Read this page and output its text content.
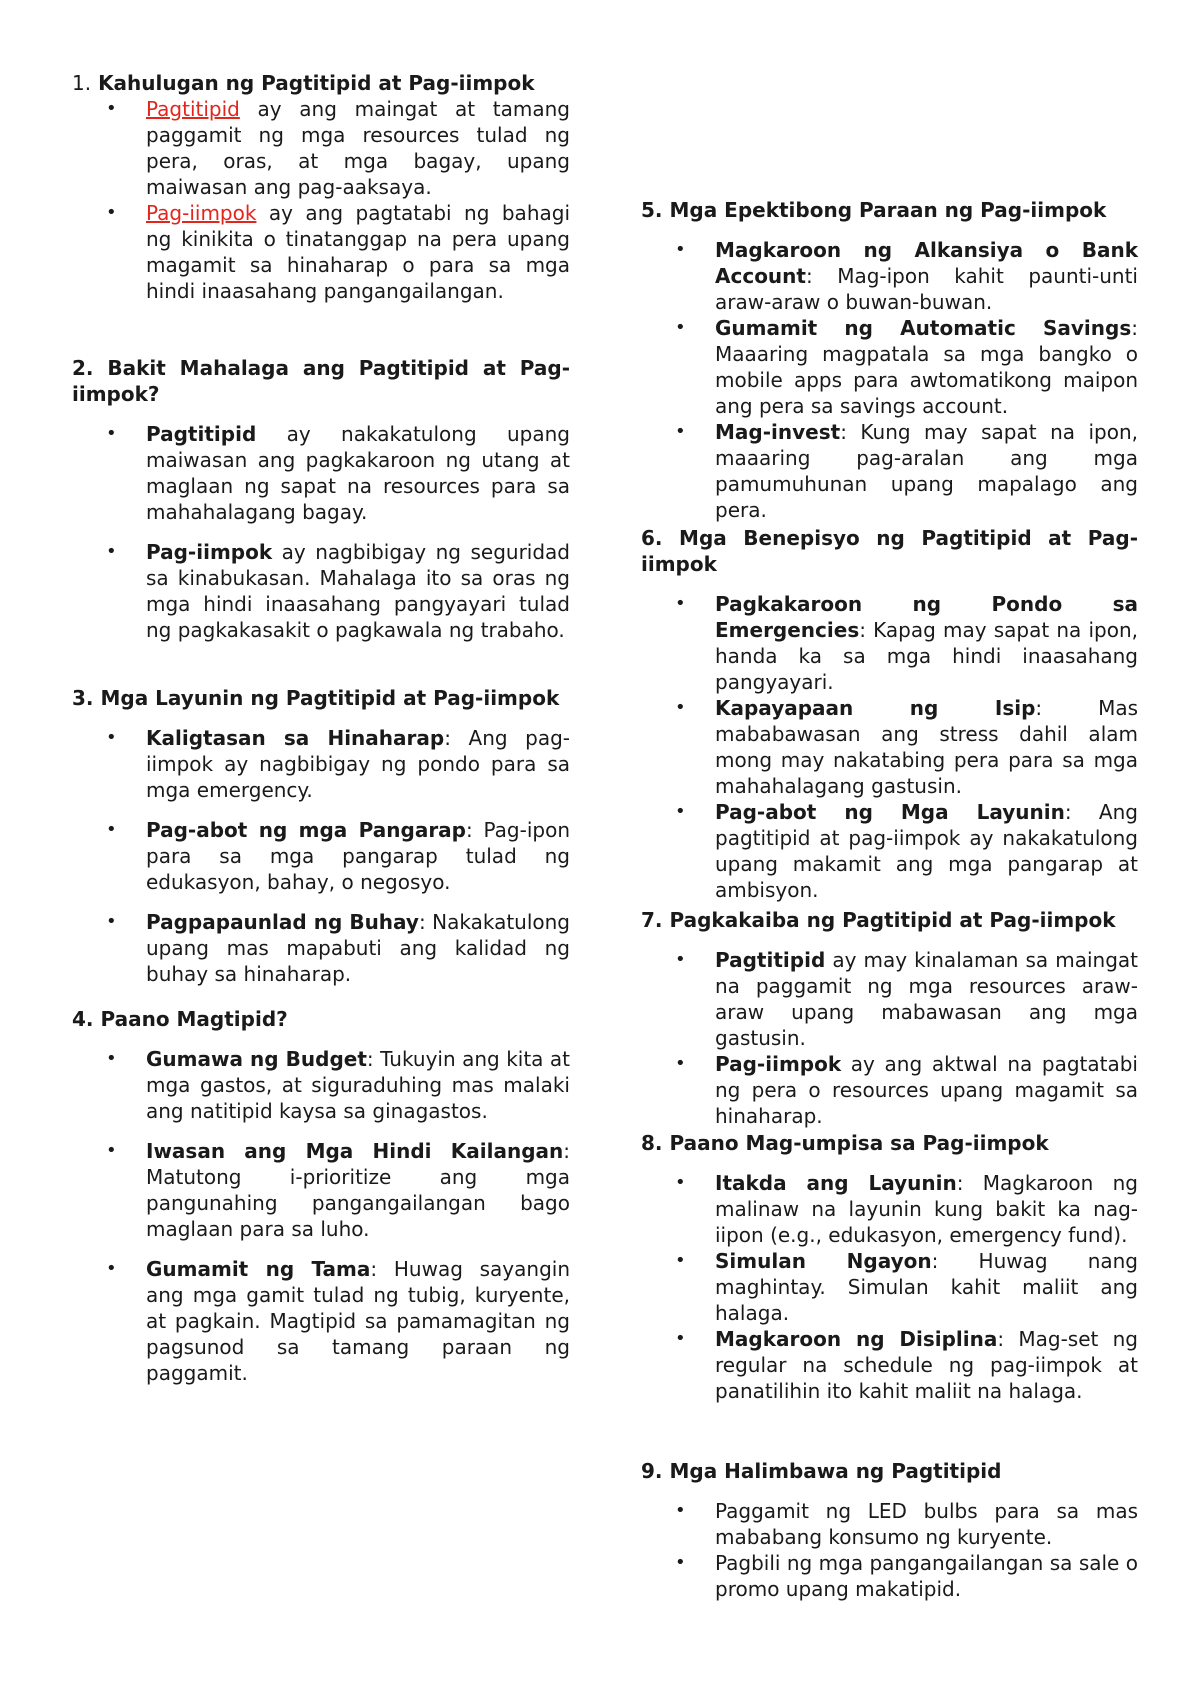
1. Kahulugan ng Pagtitipid at Pag-iimpok
• Pagtitipid ay ang maingat at tamang paggamit ng mga resources tulad ng pera, oras, at mga bagay, upang maiwasan ang pag-aaksaya.
• Pag-iimpok ay ang pagtatabi ng bahagi ng kinikita o tinatanggap na pera upang magamit sa hinaharap o para sa mga hindi inaasahang pangangailangan.
2. Bakit Mahalaga ang Pagtitipid at Pag-iimpok?
• Pagtitipid ay nakakatulong upang maiwasan ang pagkakaroon ng utang at maglaan ng sapat na resources para sa mahahalagang bagay.
• Pag-iimpok ay nagbibigay ng seguridad sa kinabukasan. Mahalaga ito sa oras ng mga hindi inaasahang pangyayari tulad ng pagkakasakit o pagkawala ng trabaho.
3. Mga Layunin ng Pagtitipid at Pag-iimpok
• Kaligtasan sa Hinaharap: Ang pag-iimpok ay nagbibigay ng pondo para sa mga emergency.
• Pag-abot ng mga Pangarap: Pag-ipon para sa mga pangarap tulad ng edukasyon, bahay, o negosyo.
• Pagpapaunlad ng Buhay: Nakakatulong upang mas mapabuti ang kalidad ng buhay sa hinaharap.
4. Paano Magtipid?
• Gumawa ng Budget: Tukuyin ang kita at mga gastos, at siguraduhing mas malaki ang natitipid kaysa sa ginagastos.
• Iwasan ang Mga Hindi Kailangan: Matutong i-prioritize ang mga pangunahing pangangailangan bago maglaan para sa luho.
• Gumamit ng Tama: Huwag sayangin ang mga gamit tulad ng tubig, kuryente, at pagkain. Magtipid sa pamamagitan ng pagsunod sa tamang paraan ng paggamit.
5. Mga Epektibong Paraan ng Pag-iimpok
• Magkaroon ng Alkansiya o Bank Account: Mag-ipon kahit paunti-unti araw-araw o buwan-buwan.
• Gumamit ng Automatic Savings: Maaaring magpatala sa mga bangko o mobile apps para awtomatikong maipon ang pera sa savings account.
• Mag-invest: Kung may sapat na ipon, maaaring pag-aralan ang mga pamumuhunan upang mapalago ang pera.
6. Mga Benepisyo ng Pagtitipid at Pag-iimpok
• Pagkakaroon ng Pondo sa Emergencies: Kapag may sapat na ipon, handa ka sa mga hindi inaasahang pangyayari.
• Kapayapaan ng Isip: Mas mababawasan ang stress dahil alam mong may nakatabing pera para sa mga mahahalagang gastusin.
• Pag-abot ng Mga Layunin: Ang pagtitipid at pag-iimpok ay nakakatulong upang makamit ang mga pangarap at ambisyon.
7. Pagkakaiba ng Pagtitipid at Pag-iimpok
• Pagtitipid ay may kinalaman sa maingat na paggamit ng mga resources araw-araw upang mabawasan ang mga gastusin.
• Pag-iimpok ay ang aktwal na pagtatabi ng pera o resources upang magamit sa hinaharap.
8. Paano Mag-umpisa sa Pag-iimpok
• Itakda ang Layunin: Magkaroon ng malinaw na layunin kung bakit ka nag-iipon (e.g., edukasyon, emergency fund).
• Simulan Ngayon: Huwag nang maghintay. Simulan kahit maliit ang halaga.
• Magkaroon ng Disiplina: Mag-set ng regular na schedule ng pag-iimpok at panatilihin ito kahit maliit na halaga.
9. Mga Halimbawa ng Pagtitipid
• Paggamit ng LED bulbs para sa mas mababang konsumo ng kuryente.
• Pagbili ng mga pangangailangan sa sale o promo upang makatipid.
